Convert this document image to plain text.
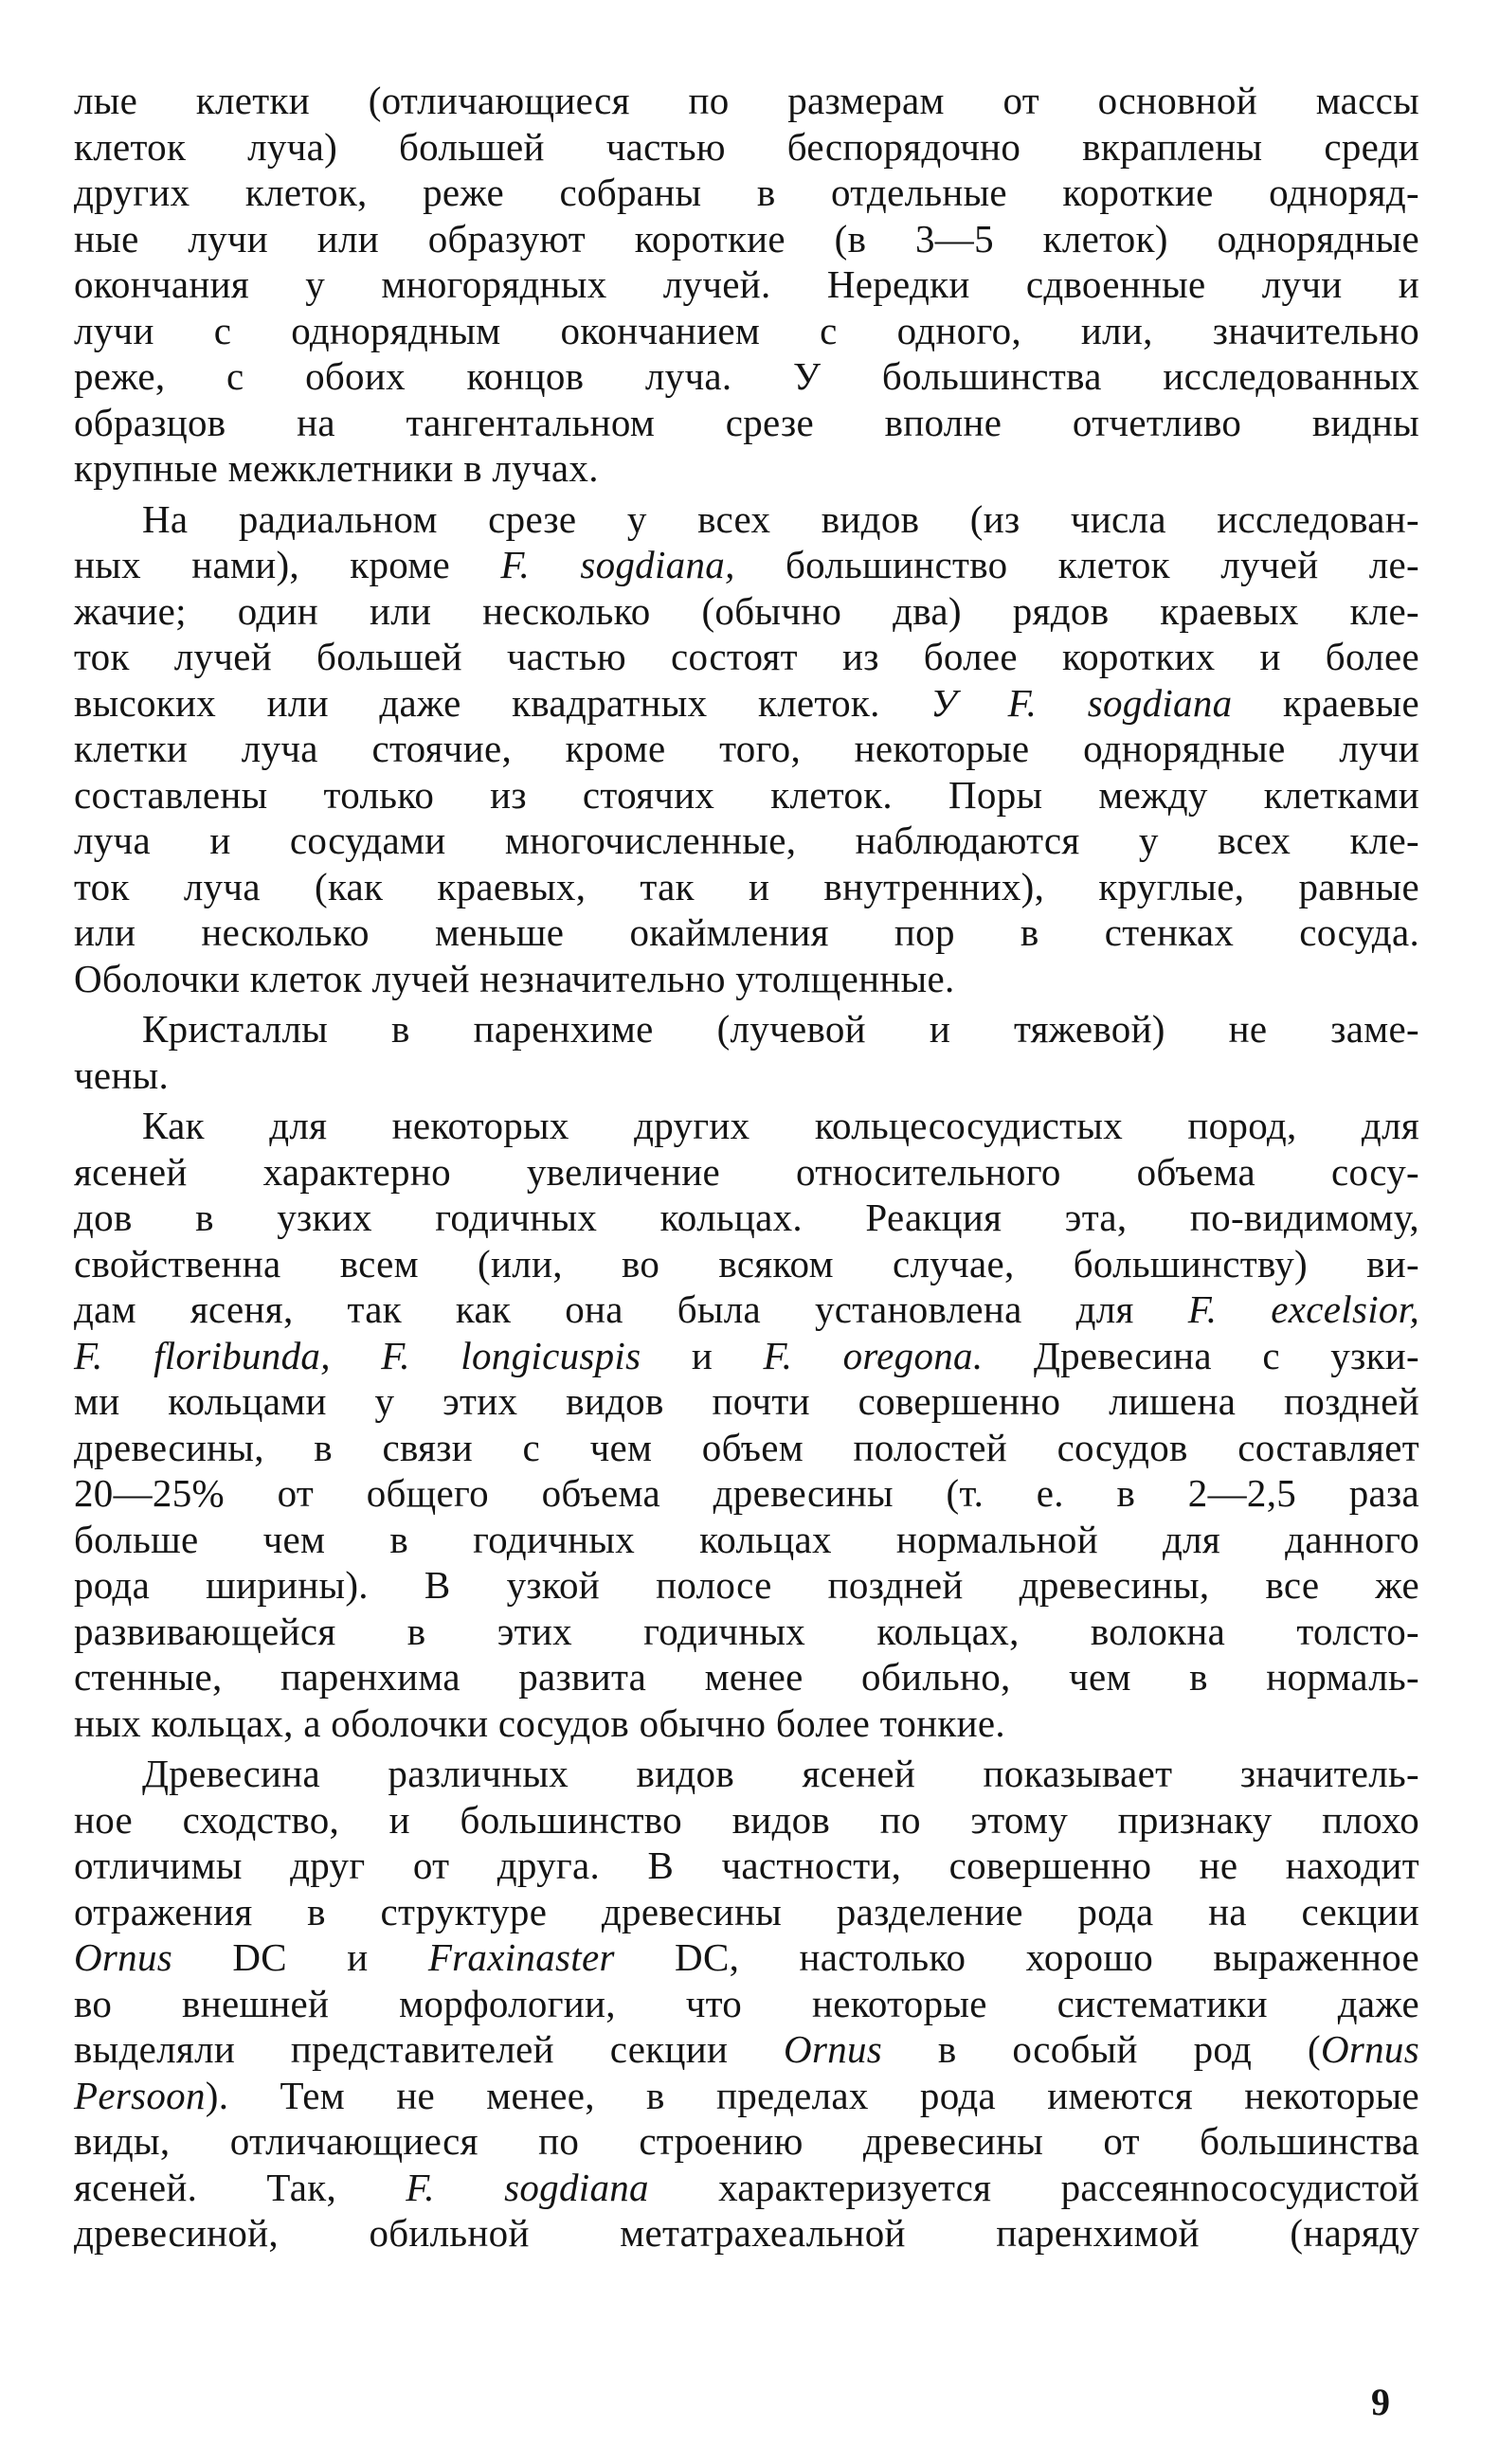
лые клетки (отличающиеся по размерам от основной массы
клеток луча) большей частью беспорядочно вкраплены среди
других клеток, реже собраны в отдельные короткие одноряд-
ные лучи или образуют короткие (в 3—5 клеток) однорядные
окончания у многорядных лучей. Нередки сдвоенные лучи и
лучи с однорядным окончанием с одного, или, значительно
реже, с обоих концов луча. У большинства исследованных
образцов на тангентальном срезе вполне отчетливо видны
крупные межклетники в лучах.
На радиальном срезе у всех видов (из числа исследован-
ных нами), кроме F. sogdiana, большинство клеток лучей ле-
жачие; один или несколько (обычно два) рядов краевых кле-
ток лучей большей частью состоят из более коротких и более
высоких или даже квадратных клеток. У F. sogdiana краевые
клетки луча стоячие, кроме того, некоторые однорядные лучи
составлены только из стоячих клеток. Поры между клетками
луча и сосудами многочисленные, наблюдаются у всех кле-
ток луча (как краевых, так и внутренних), круглые, равные
или несколько меньше окаймления пор в стенках сосуда.
Оболочки клеток лучей незначительно утолщенные.
Кристаллы в паренхиме (лучевой и тяжевой) не заме-
чены.
Как для некоторых других кольцесосудистых пород, для
ясеней характерно увеличение относительного объема сосу-
дов в узких годичных кольцах. Реакция эта, по-видимому,
свойственна всем (или, во всяком случае, большинству) ви-
дам ясеня, так как она была установлена для F. excelsior,
F. floribunda, F. longicuspis и F. oregona. Древесина с узки-
ми кольцами у этих видов почти совершенно лишена поздней
древесины, в связи с чем объем полостей сосудов составляет
20—25% от общего объема древесины (т. е. в 2—2,5 раза
больше чем в годичных кольцах нормальной для данного
рода ширины). В узкой полосе поздней древесины, все же
развивающейся в этих годичных кольцах, волокна толсто-
стенные, паренхима развита менее обильно, чем в нормаль-
ных кольцах, а оболочки сосудов обычно более тонкие.
Древесина различных видов ясеней показывает значитель-
ное сходство, и большинство видов по этому признаку плохо
отличимы друг от друга. В частности, совершенно не находит
отражения в структуре древесины разделение рода на секции
Ornus DC и Fraxinaster DC, настолько хорошо выраженное
во внешней морфологии, что некоторые систематики даже
выделяли представителей секции Ornus в особый род (Ornus
Persoon). Тем не менее, в пределах рода имеются некоторые
виды, отличающиеся по строению древесины от большинства
ясеней. Так, F. sogdiana характеризуется рассеянnососудистой
древесиной, обильной метатрахеальной паренхимой (наряду
9
